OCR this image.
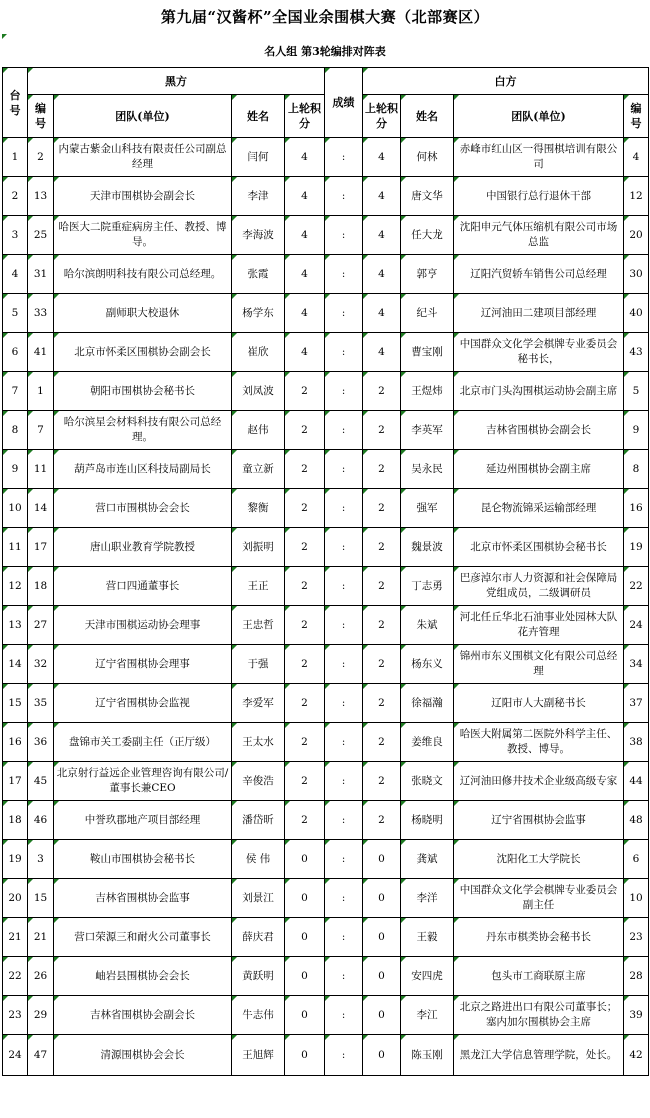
第九届“汉酱杯”全国业余围棋大赛（北部赛区）
名人组 第3轮编排对阵表
台号	黑方				成绩	白方			
	编号	团队(单位)	姓名	上轮积分		上轮积分	姓名	团队(单位)	编号
1	2	内蒙古紫金山科技有限责任公司副总经理	闫何	4	:	4	何林	赤峰市红山区一得围棋培训有限公司	4
2	13	天津市围棋协会副会长	李津	4	:	4	唐文华	中国银行总行退休干部	12
3	25	哈医大二院重症病房主任、教授、博导。	李海波	4	:	4	任大龙	沈阳申元气体压缩机有限公司市场总监	20
4	31	哈尔滨朗明科技有限公司总经理。	张霞	4	:	4	郭亨	辽阳汽贸轿车销售公司总经理	30
5	33	副师职大校退休	杨学东	4	:	4	纪斗	辽河油田二建项目部经理	40
6	41	北京市怀柔区围棋协会副会长	崔欣	4	:	4	曹宝刚	中国群众文化学会棋牌专业委员会秘书长，	43
7	1	朝阳市围棋协会秘书长	刘凤波	2	:	2	王煜炜	北京市门头沟围棋运动协会副主席	5
8	7	哈尔滨星会材料科技有限公司总经理。	赵伟	2	:	2	李英军	吉林省围棋协会副会长	9
9	11	葫芦岛市连山区科技局副局长	童立新	2	:	2	吴永民	延边州围棋协会副主席	8
10	14	营口市围棋协会会长	黎衡	2	:	2	强军	昆仑物流锦采运输部经理	16
11	17	唐山职业教育学院教授	刘振明	2	:	2	魏景波	北京市怀柔区围棋协会秘书长	19
12	18	营口四通董事长	王正	2	:	2	丁志勇	巴彦淖尔市人力资源和社会保障局党组成员，二级调研员	22
13	27	天津市围棋运动协会理事	王忠哲	2	:	2	朱斌	河北任丘华北石油事业处园林大队花卉管理	24
14	32	辽宁省围棋协会理事	于强	2	:	2	杨东义	锦州市东义围棋文化有限公司总经理	34
15	35	辽宁省围棋协会监视	李爱军	2	:	2	徐福瀚	辽阳市人大副秘书长	37
16	36	盘锦市关工委副主任（正厅级）	王太水	2	:	2	姜维良	哈医大附属第二医院外科学主任、教授、博导。	38
17	45	北京射行益远企业管理咨询有限公司/董事长兼CEO	辛俊浩	2	:	2	张晓文	辽河油田修井技术企业级高级专家	44
18	46	中誉玖郡地产项目部经理	潘岱昕	2	:	2	杨晓明	辽宁省围棋协会监事	48
19	3	鞍山市围棋协会秘书长	侯 伟	0	:	0	龚斌	沈阳化工大学院长	6
20	15	吉林省围棋协会监事	刘景江	0	:	0	李洋	中国群众文化学会棋牌专业委员会副主任	10
21	21	营口荣源三和耐火公司董事长	薛庆君	0	:	0	王毅	丹东市棋类协会秘书长	23
22	26	岫岩县围棋协会会长	黄跃明	0	:	0	安四虎	包头市工商联原主席	28
23	29	吉林省围棋协会副会长	牛志伟	0	:	0	李江	北京之路进出口有限公司董事长；塞内加尔围棋协会主席	39
24	47	清源围棋协会会长	王旭辉	0	:	0	陈玉刚	黑龙江大学信息管理学院，处长。	42
